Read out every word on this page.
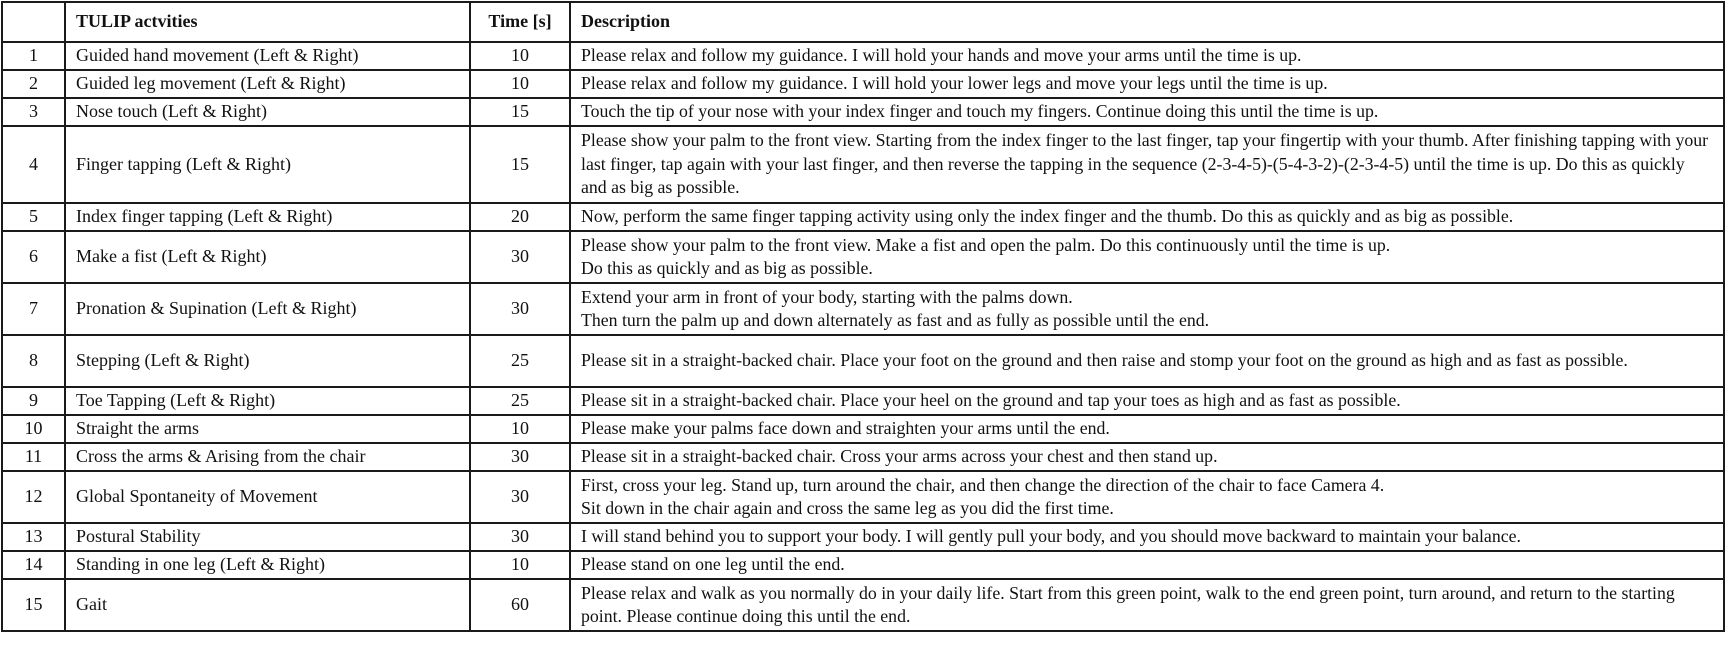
	TULIP actvities	Time [s]	Description
1	Guided hand movement (Left & Right)	10	Please relax and follow my guidance. I will hold your hands and move your arms until the time is up.
2	Guided leg movement (Left & Right)	10	Please relax and follow my guidance. I will hold your lower legs and move your legs until the time is up.
3	Nose touch (Left & Right)	15	Touch the tip of your nose with your index finger and touch my fingers. Continue doing this until the time is up.
4	Finger tapping (Left & Right)	15	Please show your palm to the front view. Starting from the index finger to the last finger, tap your fingertip with your thumb. After finishing tapping with your last finger, tap again with your last finger, and then reverse the tapping in the sequence (2-3-4-5)-(5-4-3-2)-(2-3-4-5) until the time is up. Do this as quickly and as big as possible.
5	Index finger tapping (Left & Right)	20	Now, perform the same finger tapping activity using only the index finger and the thumb. Do this as quickly and as big as possible.
6	Make a fist (Left & Right)	30	Please show your palm to the front view. Make a fist and open the palm. Do this continuously until the time is up.
Do this as quickly and as big as possible.
7	Pronation & Supination (Left & Right)	30	Extend your arm in front of your body, starting with the palms down.
Then turn the palm up and down alternately as fast and as fully as possible until the end.
8	Stepping (Left & Right)	25	Please sit in a straight-backed chair. Place your foot on the ground and then raise and stomp your foot on the ground as high and as fast as possible.
9	Toe Tapping (Left & Right)	25	Please sit in a straight-backed chair. Place your heel on the ground and tap your toes as high and as fast as possible.
10	Straight the arms	10	Please make your palms face down and straighten your arms until the end.
11	Cross the arms & Arising from the chair	30	Please sit in a straight-backed chair. Cross your arms across your chest and then stand up.
12	Global Spontaneity of Movement	30	First, cross your leg. Stand up, turn around the chair, and then change the direction of the chair to face Camera 4.
Sit down in the chair again and cross the same leg as you did the first time.
13	Postural Stability	30	I will stand behind you to support your body. I will gently pull your body, and you should move backward to maintain your balance.
14	Standing in one leg (Left & Right)	10	Please stand on one leg until the end.
15	Gait	60	Please relax and walk as you normally do in your daily life. Start from this green point, walk to the end green point, turn around, and return to the starting point. Please continue doing this until the end.
